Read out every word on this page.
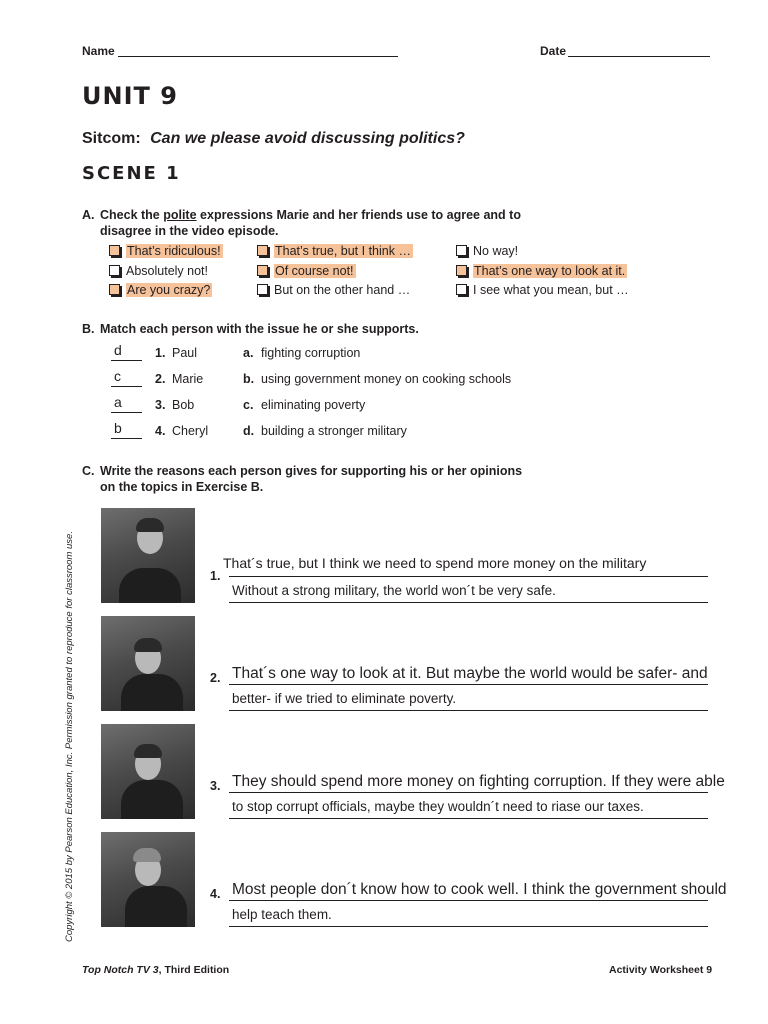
Name	Date
UNIT 9
Sitcom: Can we please avoid discussing politics?
SCENE 1
A. Check the polite expressions Marie and her friends use to agree and to
disagree in the video episode.
That’s ridiculous!	That’s true, but I think …	No way!
Absolutely not!	Of course not!	That’s one way to look at it.
Are you crazy?	But on the other hand …	I see what you mean, but …
B. Match each person with the issue he or she supports.
d	1. Paul	a. fighting corruption
c	2. Marie	b. using government money on cooking schools
a	3. Bob	c. eliminating poverty
b	4. Cheryl	d. building a stronger military
C. Write the reasons each person gives for supporting his or her opinions
on the topics in Exercise B.
1.
That´s true, but I think we need to spend more money on the military
Without a strong military, the world won´t be very safe.
2. That´s one way to look at it. But maybe the world would be safer- and
better- if we tried to eliminate poverty.
3. They should spend more money on fighting corruption. If they were able
to stop corrupt officials, maybe they wouldn´t need to riase our taxes.
4. Most people don´t know how to cook well. I think the government should
help teach them.
Copyright © 2015 by Pearson Education, Inc. Permission granted to reproduce for classroom use.
Top Notch TV 3, Third Edition	Activity Worksheet 9
